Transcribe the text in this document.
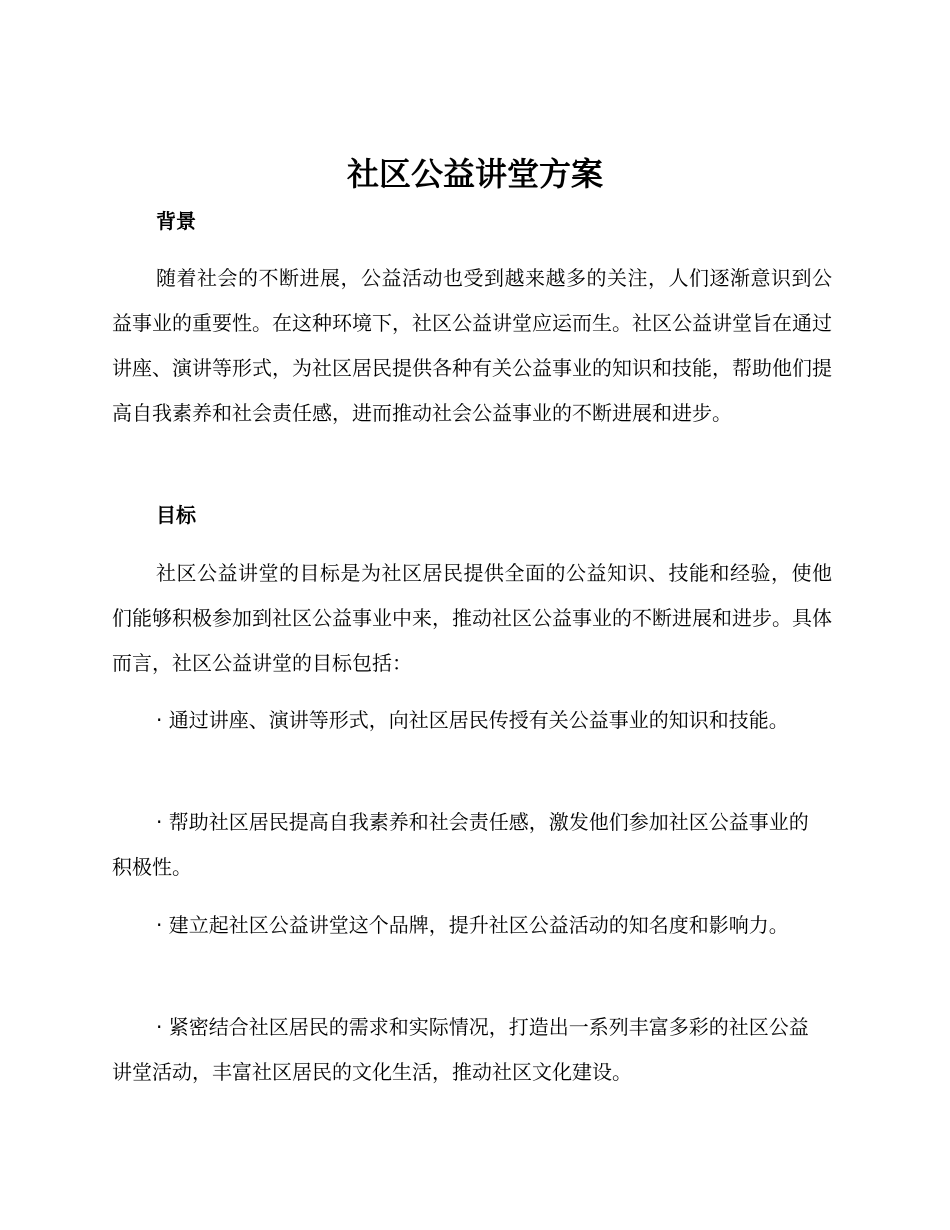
社区公益讲堂方案
背景

随着社会的不断进展，公益活动也受到越来越多的关注，人们逐渐意识到公益事业的重要性。在这种环境下，社区公益讲堂应运而生。社区公益讲堂旨在通过讲座、演讲等形式，为社区居民提供各种有关公益事业的知识和技能，帮助他们提高自我素养和社会责任感，进而推动社会公益事业的不断进展和进步。

目标

社区公益讲堂的目标是为社区居民提供全面的公益知识、技能和经验，使他们能够积极参加到社区公益事业中来，推动社区公益事业的不断进展和进步。具体而言，社区公益讲堂的目标包括：

· 通过讲座、演讲等形式，向社区居民传授有关公益事业的知识和技能。

· 帮助社区居民提高自我素养和社会责任感，激发他们参加社区公益事业的积极性。

· 建立起社区公益讲堂这个品牌，提升社区公益活动的知名度和影响力。

· 紧密结合社区居民的需求和实际情况，打造出一系列丰富多彩的社区公益讲堂活动，丰富社区居民的文化生活，推动社区文化建设。
